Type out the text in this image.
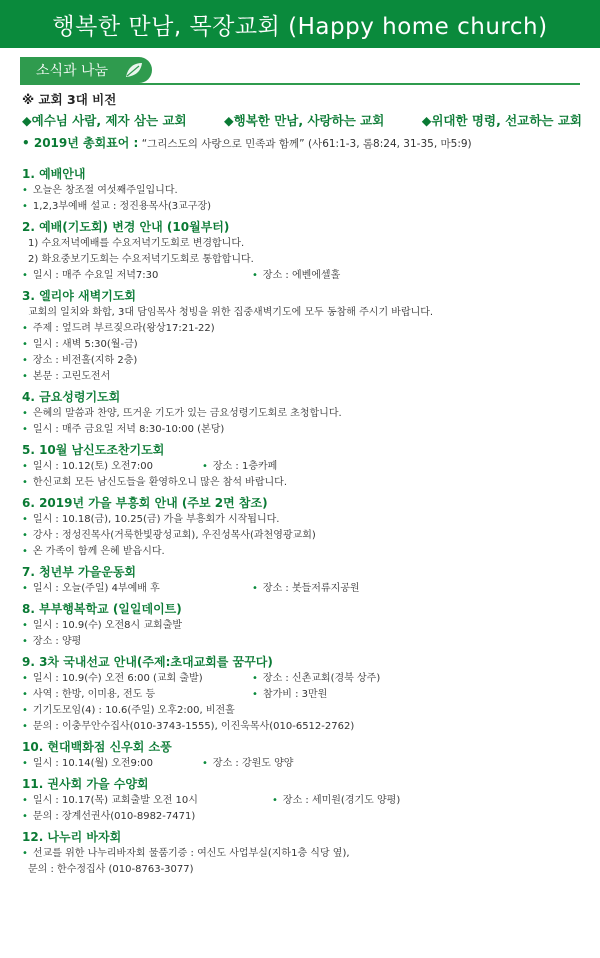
행복한 만남, 목장교회 (Happy home church)
소식과 나눔
※ 교회 3대 비전
◆예수님 사람, 제자 삼는 교회	◆행복한 만남, 사랑하는 교회	◆위대한 명령, 선교하는 교회
• 2019년 총회표어 : “그리스도의 사랑으로 민족과 함께” (사61:1-3, 롬8:24, 31-35, 마5:9)
1. 예배안내
• 오늘은 창조절 여섯째주일입니다.
• 1,2,3부예배 설교 : 정진용목사(3교구장)
2. 예배(기도회) 변경 안내 (10월부터)
1) 수요저녁예배를 수요저녁기도회로 변경합니다.
2) 화요중보기도회는 수요저녁기도회로 통합합니다.
• 일시 : 매주 수요일 저녁7:30	• 장소 : 에벤에셀홀
3. 엘리야 새벽기도회
교회의 일치와 화합, 3대 담임목사 청빙을 위한 집중새벽기도에 모두 동참해 주시기 바랍니다.
• 주제 : 엎드려 부르짖으라(왕상17:21-22)
• 일시 : 새벽 5:30(월-금)
• 장소 : 비전홀(지하 2층)
• 본문 : 고린도전서
4. 금요성령기도회
• 은혜의 말씀과 찬양, 뜨거운 기도가 있는 금요성령기도회로 초청합니다.
• 일시 : 매주 금요일 저녁 8:30-10:00 (본당)
5. 10월 남신도조찬기도회
• 일시 : 10.12(토) 오전7:00	• 장소 : 1층카페
• 한신교회 모든 남신도들을 환영하오니 많은 참석 바랍니다.
6. 2019년 가을 부흥회 안내 (주보 2면 참조)
• 일시 : 10.18(금), 10.25(금) 가을 부흥회가 시작됩니다.
• 강사 : 정성진목사(거룩한빛광성교회), 우진성목사(과천영광교회)
• 온 가족이 함께 은혜 받읍시다.
7. 청년부 가을운동회
• 일시 : 오늘(주일) 4부예배 후	• 장소 : 봇들저류지공원
8. 부부행복학교 (일일데이트)
• 일시 : 10.9(수) 오전8시 교회출발
• 장소 : 양평
9. 3차 국내선교 안내(주제:초대교회를 꿈꾸다)
• 일시 : 10.9(수) 오전 6:00 (교회 출발)	• 장소 : 신촌교회(경북 상주)
• 사역 : 한방, 이미용, 전도 등	• 참가비 : 3만원
• 기기도모임(4) : 10.6(주일) 오후2:00, 비전홀
• 문의 : 이충무안수집사(010-3743-1555), 이진욱목사(010-6512-2762)
10. 현대백화점 신우회 소풍
• 일시 : 10.14(월) 오전9:00	• 장소 : 강원도 양양
11. 권사회 가을 수양회
• 일시 : 10.17(목) 교회출발 오전 10시	• 장소 : 세미원(경기도 양평)
• 문의 : 장계선권사(010-8982-7471)
12. 나누리 바자회
• 선교를 위한 나누리바자회 물품기증 : 여신도 사업부실(지하1층 식당 옆),
문의 : 한수정집사 (010-8763-3077)
